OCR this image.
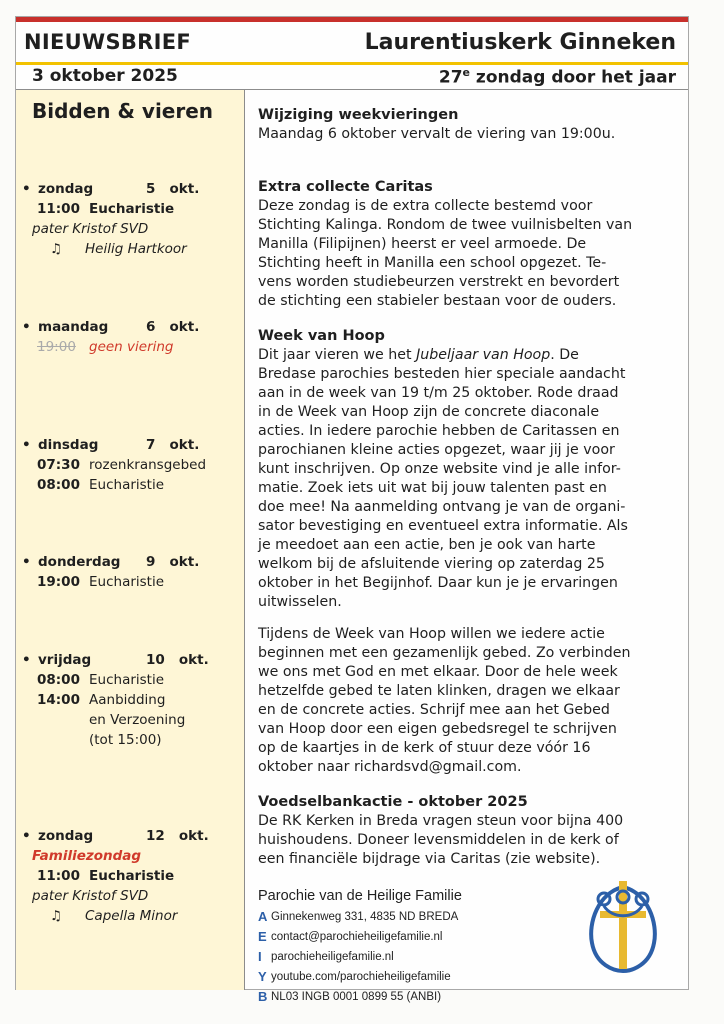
NIEUWSBRIEF	Laurentiuskerk Ginneken
3 oktober 2025	27e zondag door het jaar
Bidden & vieren
• zondag	5 okt.
11:00 Eucharistie
pater Kristof SVD
♫ Heilig Hartkoor
• maandag	6 okt.
19:00 geen viering
• dinsdag	7 okt.
07:30 rozenkransgebed
08:00 Eucharistie
• donderdag 9 okt.
19:00 Eucharistie
• vrijdag	10 okt.
08:00 Eucharistie
14:00 Aanbidding
en Verzoening
(tot 15:00)
• zondag	12 okt.
Familiezondag
11:00 Eucharistie
pater Kristof SVD
♫ Capella Minor
Wijziging weekvieringen

Maandag 6 oktober vervalt de viering van 19:00u.

Extra collecte Caritas

Deze zondag is de extra collecte bestemd voor

Stichting Kalinga. Rondom de twee vuilnisbelten van

Manilla (Filipijnen) heerst er veel armoede. De

Stichting heeft in Manilla een school opgezet. Te-

vens worden studiebeurzen verstrekt en bevordert

de stichting een stabieler bestaan voor de ouders.

Week van Hoop

Dit jaar vieren we het Jubeljaar van Hoop. De

Bredase parochies besteden hier speciale aandacht

aan in de week van 19 t/m 25 oktober. Rode draad

in de Week van Hoop zijn de concrete diaconale

acties. In iedere parochie hebben de Caritassen en

parochianen kleine acties opgezet, waar jij je voor

kunt inschrijven. Op onze website vind je alle infor-

matie. Zoek iets uit wat bij jouw talenten past en

doe mee! Na aanmelding ontvang je van de organi-

sator bevestiging en eventueel extra informatie. Als

je meedoet aan een actie, ben je ook van harte

welkom bij de afsluitende viering op zaterdag 25

oktober in het Begijnhof. Daar kun je je ervaringen

uitwisselen.

Tijdens de Week van Hoop willen we iedere actie

beginnen met een gezamenlijk gebed. Zo verbinden

we ons met God en met elkaar. Door de hele week

hetzelfde gebed te laten klinken, dragen we elkaar

en de concrete acties. Schrijf mee aan het Gebed

van Hoop door een eigen gebedsregel te schrijven

op de kaartjes in de kerk of stuur deze vóór 16

oktober naar richardsvd@gmail.com.

Voedselbankactie - oktober 2025

De RK Kerken in Breda vragen steun voor bijna 400

huishoudens. Doneer levensmiddelen in de kerk of

een financiële bijdrage via Caritas (zie website).

Parochie van de Heilige Familie
A Ginnekenweg 331, 4835 ND BREDA
E contact@parochieheiligefamilie.nl
I parochieheiligefamilie.nl
Y youtube.com/parochieheiligefamilie
B NL03 INGB 0001 0899 55 (ANBI)
